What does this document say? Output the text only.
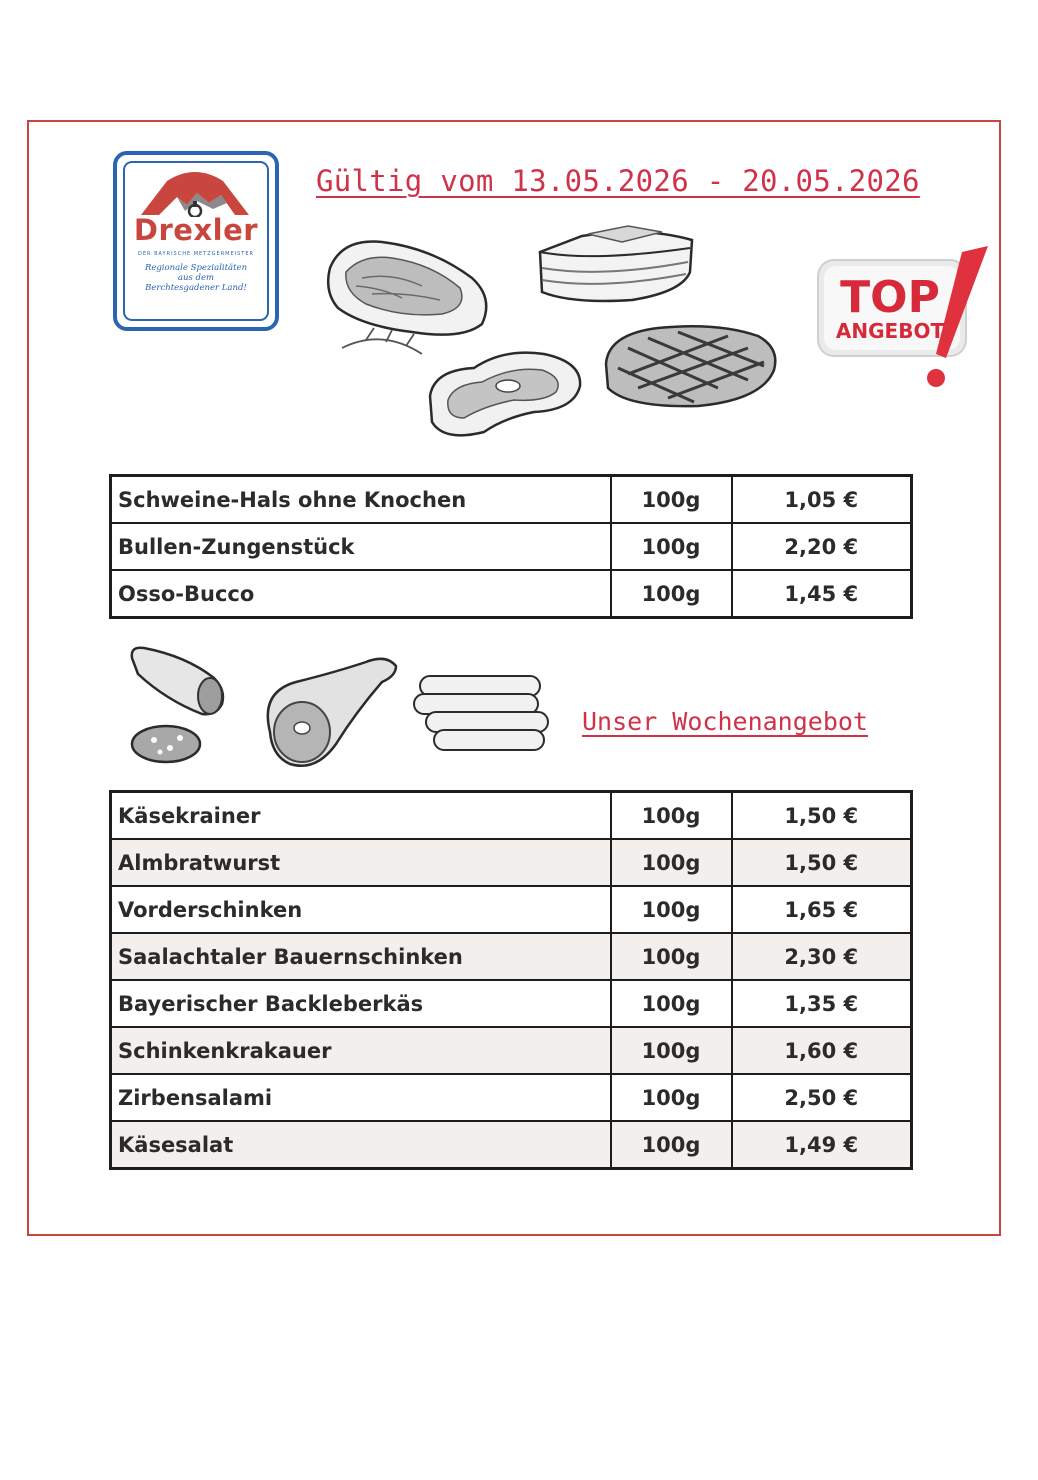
Drexler
DER BAYRISCHE METZGERMEISTER
Regionale Spezialitäten
aus dem
Berchtesgadener Land!
Gültig vom 13.05.2026 - 20.05.2026
TOP
ANGEBOT
Schweine-Hals ohne Knochen	100g	1,05 €
Bullen-Zungenstück	100g	2,20 €
Osso-Bucco	100g	1,45 €
Unser Wochenangebot
Käsekrainer	100g	1,50 €
Almbratwurst	100g	1,50 €
Vorderschinken	100g	1,65 €
Saalachtaler Bauernschinken	100g	2,30 €
Bayerischer Backleberkäs	100g	1,35 €
Schinkenkrakauer	100g	1,60 €
Zirbensalami	100g	2,50 €
Käsesalat	100g	1,49 €
